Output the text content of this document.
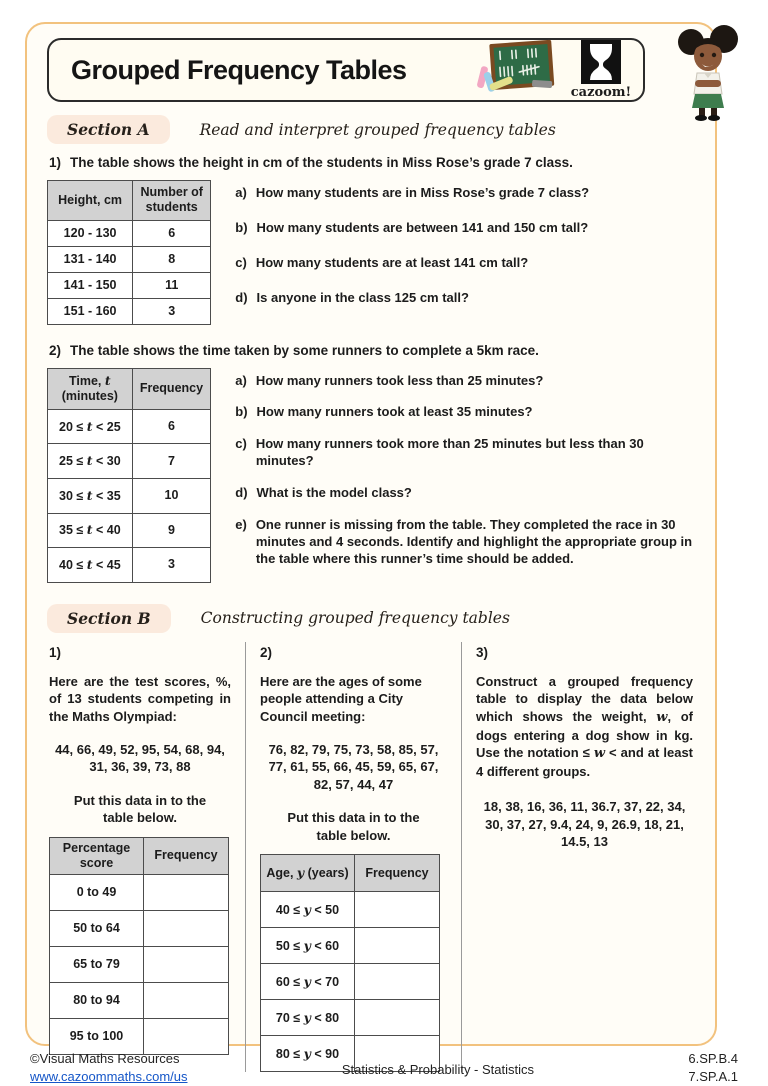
Grouped Frequency Tables
cazoom!
Section A	Read and interpret grouped frequency tables
1) The table shows the height in cm of the students in Miss Rose’s grade 7 class.
Height, cm	Number of students
120 - 130	6
131 - 140	8
141 - 150	11
151 - 160	3
a) How many students are in Miss Rose’s grade 7 class?
b) How many students are between 141 and 150 cm tall?
c) How many students are at least 141 cm tall?
d) Is anyone in the class 125 cm tall?
2) The table shows the time taken by some runners to complete a 5km race.
Time, t (minutes)	Frequency
20 ≤ t < 25	6
25 ≤ t < 30	7
30 ≤ t < 35	10
35 ≤ t < 40	9
40 ≤ t < 45	3
a) How many runners took less than 25 minutes?
b) How many runners took at least 35 minutes?
c) How many runners took more than 25 minutes but less than 30 minutes?
d) What is the model class?
e) One runner is missing from the table. They completed the race in 30 minutes and 4 seconds. Identify and highlight the appropriate group in the table where this runner’s time should be added.
Section B	Constructing grouped frequency tables
1)
Here are the test scores, %, of 13 students competing in the Maths Olympiad:
44, 66, 49, 52, 95, 54, 68, 94, 31, 36, 39, 73, 88
Put this data in to the table below.
Percentage score	Frequency
0 to 49	
50 to 64	
65 to 79	
80 to 94	
95 to 100	
2)
Here are the ages of some people attending a City Council meeting:
76, 82, 79, 75, 73, 58, 85, 57, 77, 61, 55, 66, 45, 59, 65, 67, 82, 57, 44, 47
Put this data in to the table below.
Age, y (years)	Frequency
40 ≤ y < 50	
50 ≤ y < 60	
60 ≤ y < 70	
70 ≤ y < 80	
80 ≤ y < 90	
3)
Construct a grouped frequency table to display the data below which shows the weight, w, of dogs entering a dog show in kg. Use the notation ≤ w < and at least 4 different groups.
18, 38, 16, 36, 11, 36.7, 37, 22, 34, 30, 37, 27, 9.4, 24, 9, 26.9, 18, 21, 14.5, 13
©Visual Maths Resources
www.cazoommaths.com/us	Statistics & Probability - Statistics
6.SP.B.4
7.SP.A.1
